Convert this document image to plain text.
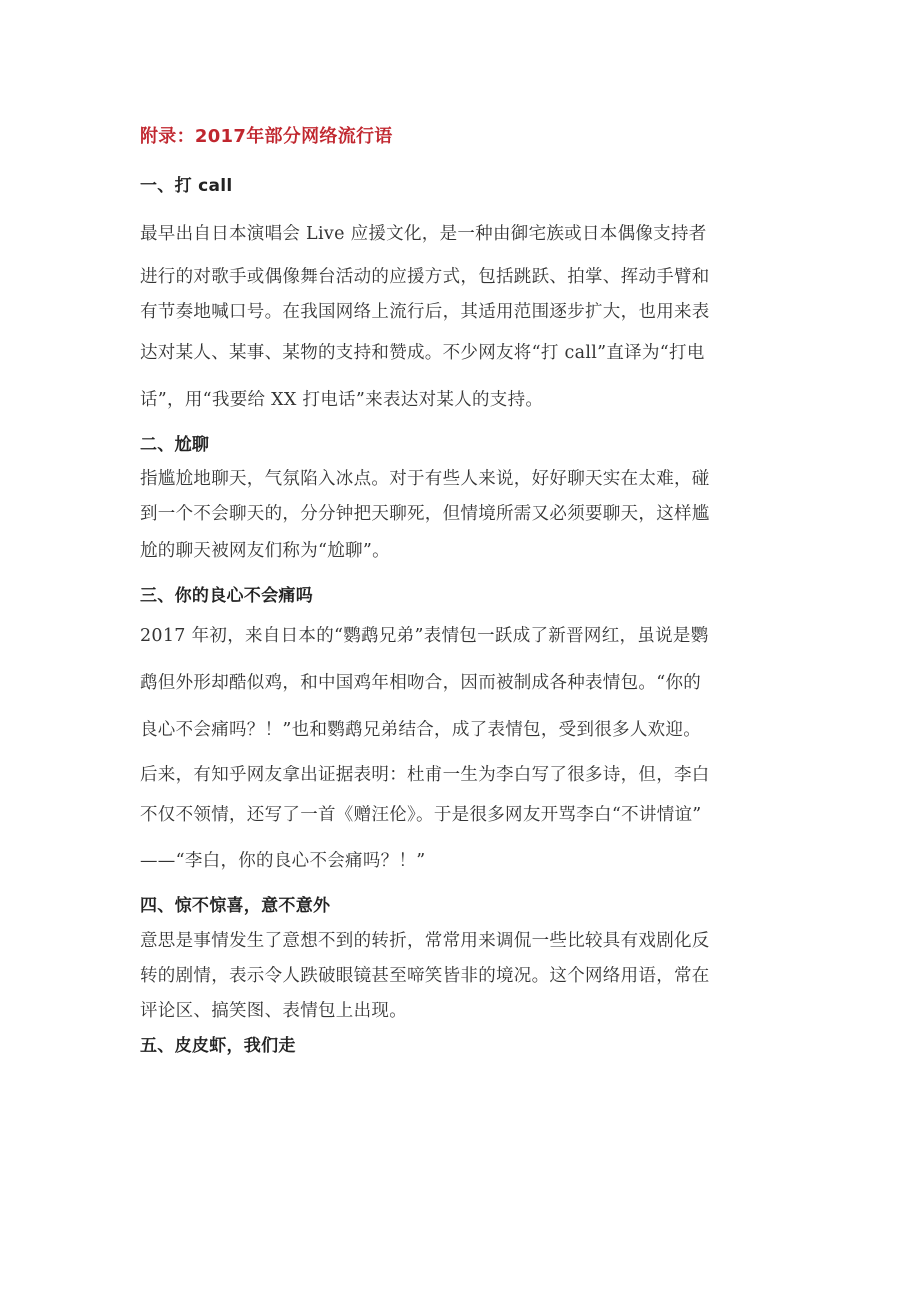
附录：2017年部分网络流行语
一、打 call
最早出自日本演唱会 Live 应援文化，是一种由御宅族或日本偶像支持者
进行的对歌手或偶像舞台活动的应援方式，包括跳跃、拍掌、挥动手臂和
有节奏地喊口号。在我国网络上流行后，其适用范围逐步扩大，也用来表
达对某人、某事、某物的支持和赞成。不少网友将“打 call”直译为“打电
话”，用“我要给 XX 打电话”来表达对某人的支持。
二、尬聊
指尴尬地聊天，气氛陷入冰点。对于有些人来说，好好聊天实在太难，碰
到一个不会聊天的，分分钟把天聊死，但情境所需又必须要聊天，这样尴
尬的聊天被网友们称为“尬聊”。
三、你的良心不会痛吗
2017 年初，来自日本的“鹦鹉兄弟”表情包一跃成了新晋网红，虽说是鹦
鹉但外形却酷似鸡，和中国鸡年相吻合，因而被制成各种表情包。“你的
良心不会痛吗？！”也和鹦鹉兄弟结合，成了表情包，受到很多人欢迎。
后来，有知乎网友拿出证据表明：杜甫一生为李白写了很多诗，但，李白
不仅不领情，还写了一首《赠汪伦》。于是很多网友开骂李白“不讲情谊”
——“李白，你的良心不会痛吗？！”
四、惊不惊喜，意不意外
意思是事情发生了意想不到的转折，常常用来调侃一些比较具有戏剧化反
转的剧情，表示令人跌破眼镜甚至啼笑皆非的境况。这个网络用语，常在
评论区、搞笑图、表情包上出现。
五、皮皮虾，我们走
